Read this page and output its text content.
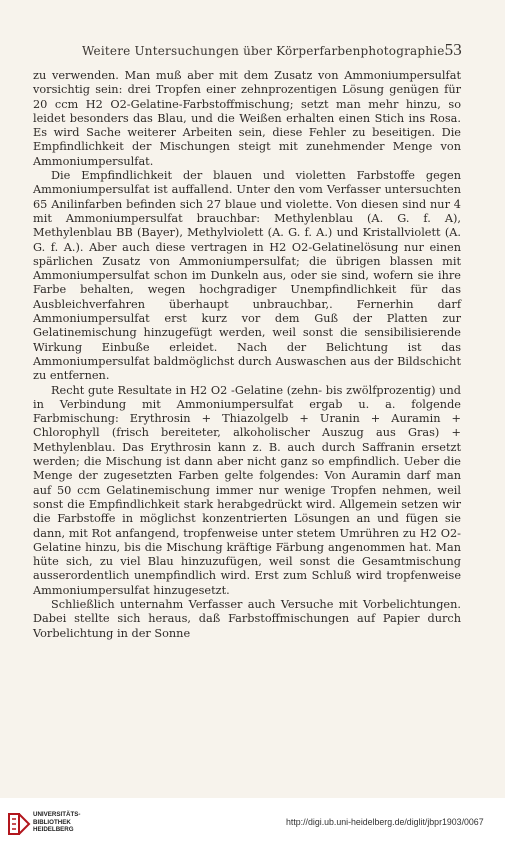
Weitere Untersuchungen über Körperfarbenphotographie.
53

zu verwenden. Man muß aber mit dem Zusatz von Ammoniumpersulfat vorsichtig sein: drei Tropfen einer zehnprozentigen Lösung genügen für 20 ccm H2 O2-Gelatine-Farbstoffmischung; setzt man mehr hinzu, so leidet besonders das Blau, und die Weißen erhalten einen Stich ins Rosa. Es wird Sache weiterer Arbeiten sein, diese Fehler zu beseitigen. Die Empfindlichkeit der Mischungen steigt mit zunehmender Menge von Ammoniumpersulfat.

Die Empfindlichkeit der blauen und violetten Farbstoffe gegen Ammoniumpersulfat ist auffallend. Unter den vom Verfasser untersuchten 65 Anilinfarben befinden sich 27 blaue und violette. Von diesen sind nur 4 mit Ammoniumpersulfat brauchbar: Methylenblau (A. G. f. A), Methylenblau BB (Bayer), Methylviolett (A. G. f. A.) und Kristallviolett (A. G. f. A.). Aber auch diese vertragen in H2 O2-Gelatinelösung nur einen spärlichen Zusatz von Ammoniumpersulfat; die übrigen blassen mit Ammoniumpersulfat schon im Dunkeln aus, oder sie sind, wofern sie ihre Farbe behalten, wegen hochgradiger Unempfindlichkeit für das Ausbleichverfahren überhaupt unbrauchbar,. Fernerhin darf Ammoniumpersulfat erst kurz vor dem Guß der Platten zur Gelatinemischung hinzugefügt werden, weil sonst die sensibilisierende Wirkung Einbuße erleidet. Nach der Belichtung ist das Ammoniumpersulfat baldmöglichst durch Auswaschen aus der Bildschicht zu entfernen.

Recht gute Resultate in H2 O2 -Gelatine (zehn- bis zwölfprozentig) und in Verbindung mit Ammoniumpersulfat ergab u. a. folgende Farbmischung: Erythrosin + Thiazolgelb + Uranin + Auramin + Chlorophyll (frisch bereiteter, alkoholischer Auszug aus Gras) + Methylenblau. Das Erythrosin kann z. B. auch durch Saffranin ersetzt werden; die Mischung ist dann aber nicht ganz so empfindlich. Ueber die Menge der zugesetzten Farben gelte folgendes: Von Auramin darf man auf 50 ccm Gelatinemischung immer nur wenige Tropfen nehmen, weil sonst die Empfindlichkeit stark herabgedrückt wird. Allgemein setzen wir die Farbstoffe in möglichst konzentrierten Lösungen an und fügen sie dann, mit Rot anfangend, tropfenweise unter stetem Umrühren zu H2 O2-Gelatine hinzu, bis die Mischung kräftige Färbung angenommen hat. Man hüte sich, zu viel Blau hinzuzufügen, weil sonst die Gesamtmischung ausserordentlich unempfindlich wird. Erst zum Schluß wird tropfenweise Ammoniumpersulfat hinzugesetzt.

Schließlich unternahm Verfasser auch Versuche mit Vorbelichtungen. Dabei stellte sich heraus, daß Farbstoffmischungen auf Papier durch Vorbelichtung in der Sonne

UNIVERSITÄTS-
BIBLIOTHEK
HEIDELBERG
http://digi.ub.uni-heidelberg.de/diglit/jbpr1903/0067
